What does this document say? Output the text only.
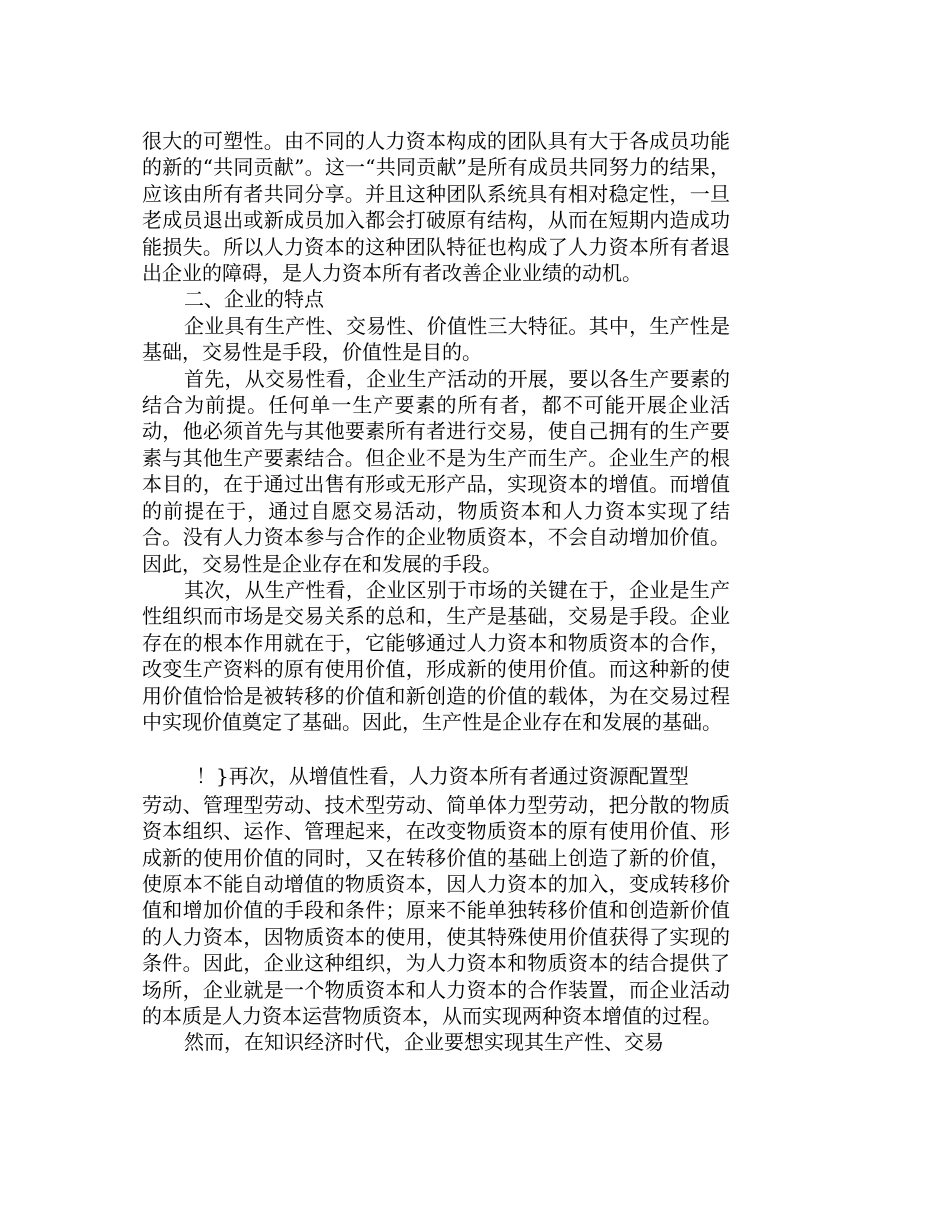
很大的可塑性。由不同的人力资本构成的团队具有大于各成员功能的新的“共同贡献”。这一“共同贡献”是所有成员共同努力的结果，应该由所有者共同分享。并且这种团队系统具有相对稳定性，一旦老成员退出或新成员加入都会打破原有结构，从而在短期内造成功能损失。所以人力资本的这种团队特征也构成了人力资本所有者退出企业的障碍，是人力资本所有者改善企业业绩的动机。

二、企业的特点

企业具有生产性、交易性、价值性三大特征。其中，生产性是基础，交易性是手段，价值性是目的。

首先，从交易性看，企业生产活动的开展，要以各生产要素的结合为前提。任何单一生产要素的所有者，都不可能开展企业活动，他必须首先与其他要素所有者进行交易，使自己拥有的生产要素与其他生产要素结合。但企业不是为生产而生产。企业生产的根本目的，在于通过出售有形或无形产品，实现资本的增值。而增值的前提在于，通过自愿交易活动，物质资本和人力资本实现了结合。没有人力资本参与合作的企业物质资本，不会自动增加价值。因此，交易性是企业存在和发展的手段。

其次，从生产性看，企业区别于市场的关键在于，企业是生产性组织而市场是交易关系的总和，生产是基础，交易是手段。企业存在的根本作用就在于，它能够通过人力资本和物质资本的合作，改变生产资料的原有使用价值，形成新的使用价值。而这种新的使用价值恰恰是被转移的价值和新创造的价值的载体，为在交易过程中实现价值奠定了基础。因此，生产性是企业存在和发展的基础。

！}再次，从增值性看，人力资本所有者通过资源配置型

劳动、管理型劳动、技术型劳动、简单体力型劳动，把分散的物质资本组织、运作、管理起来，在改变物质资本的原有使用价值、形成新的使用价值的同时，又在转移价值的基础上创造了新的价值，使原本不能自动增值的物质资本，因人力资本的加入，变成转移价值和增加价值的手段和条件；原来不能单独转移价值和创造新价值的人力资本，因物质资本的使用，使其特殊使用价值获得了实现的条件。因此，企业这种组织，为人力资本和物质资本的结合提供了场所，企业就是一个物质资本和人力资本的合作装置，而企业活动的本质是人力资本运营物质资本，从而实现两种资本增值的过程。

然而，在知识经济时代，企业要想实现其生产性、交易
